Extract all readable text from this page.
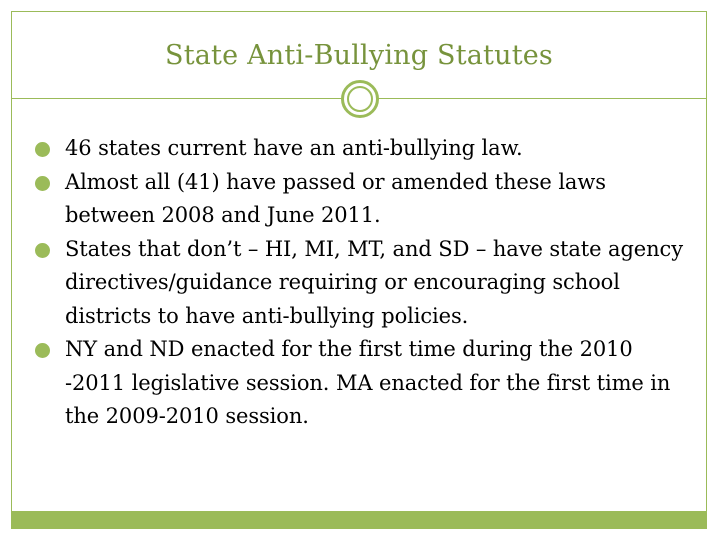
State Anti-Bullying Statutes
46 states current have an anti-bullying law.
Almost all (41) have passed or amended these laws between 2008 and June 2011.
States that don’t – HI, MI, MT, and SD – have state agency directives/guidance requiring or encouraging school districts to have anti-bullying policies.
NY and ND enacted for the first time during the 2010 -2011 legislative session. MA enacted for the first time in the 2009-2010 session.
